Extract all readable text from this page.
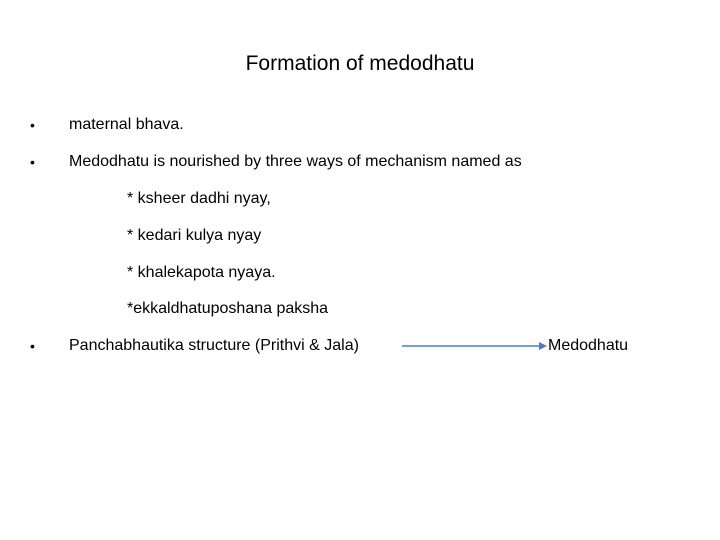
Formation of medodhatu
• maternal bhava.
• Medodhatu is nourished by three ways of mechanism named as
* ksheer dadhi nyay,
* kedari kulya nyay
* khalekapota nyaya.
*ekkaldhatuposhana paksha
• Panchabhautika structure (Prithvi & Jala)	Medodhatu
